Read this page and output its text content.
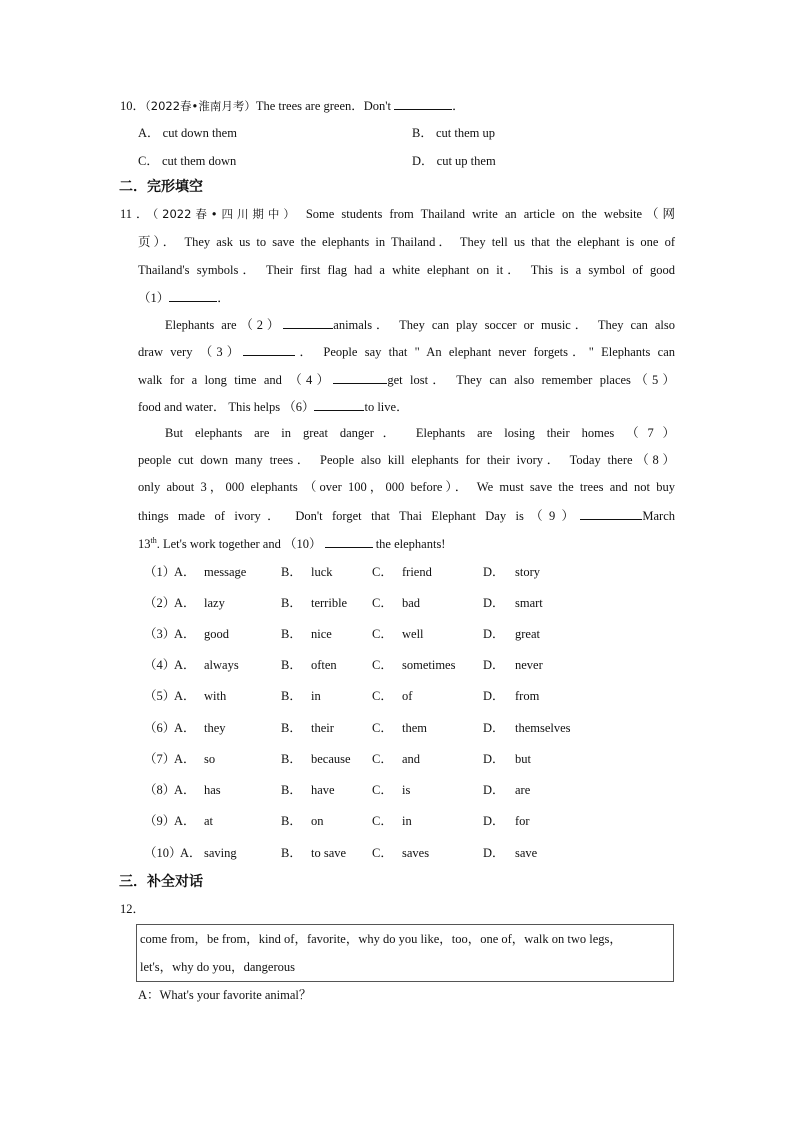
10．（2022春•淮南月考）The trees are green．Don't	．
A． cut down them	B． cut them up
C． cut them down	D． cut up them
二．完形填空
11．（2022春•四川期中） Some students from Thailand write an article on the website（网
页）． They ask us to save the elephants in Thailand． They tell us that the elephant is one of
Thailand's symbols． Their first flag had a white elephant on it． This is a symbol of good
（1）	．
Elephants are（2）	animals． They can play soccer or music． They can also
draw very （3）	． People say that " An elephant never forgets．" Elephants can
walk for a long time and （4）	get lost． They can also remember places（5）
food and water． This helps （6）	to live．
But elephants are in great danger． Elephants are losing their homes （7）
people cut down many trees． People also kill elephants for their ivory． Today there（8）
only about 3，000 elephants （over 100，000 before）． We must save the trees and not buy
things made of ivory． Don't forget that Thai Elephant Day is（9）	March
13th. Let's work together and （10）	the elephants!
（1）
A． message	B． luck	C． friend	D． story
（2）
A． lazy	B． terrible C． bad	D． smart
（3）
A． good	B． nice	C． well	D． great
（4）
A． always	B． often	C． sometimes D． never
（5）
A． with	B． in	C． of	D． from
（6）
A． they	B． their	C． them	D． themselves
（7）
A． so	B． because C． and	D． but
（8）
A． has	B． have	C． is	D． are
（9）
A． at	B． on	C． in	D． for
（10）
A． saving	B． to save C． saves	D． save
三．补全对话
12．
come from，be from，kind of，favorite，why do you like，too，one of，walk on two legs，
let's，why do you，dangerous
A：What's your favorite animal？
